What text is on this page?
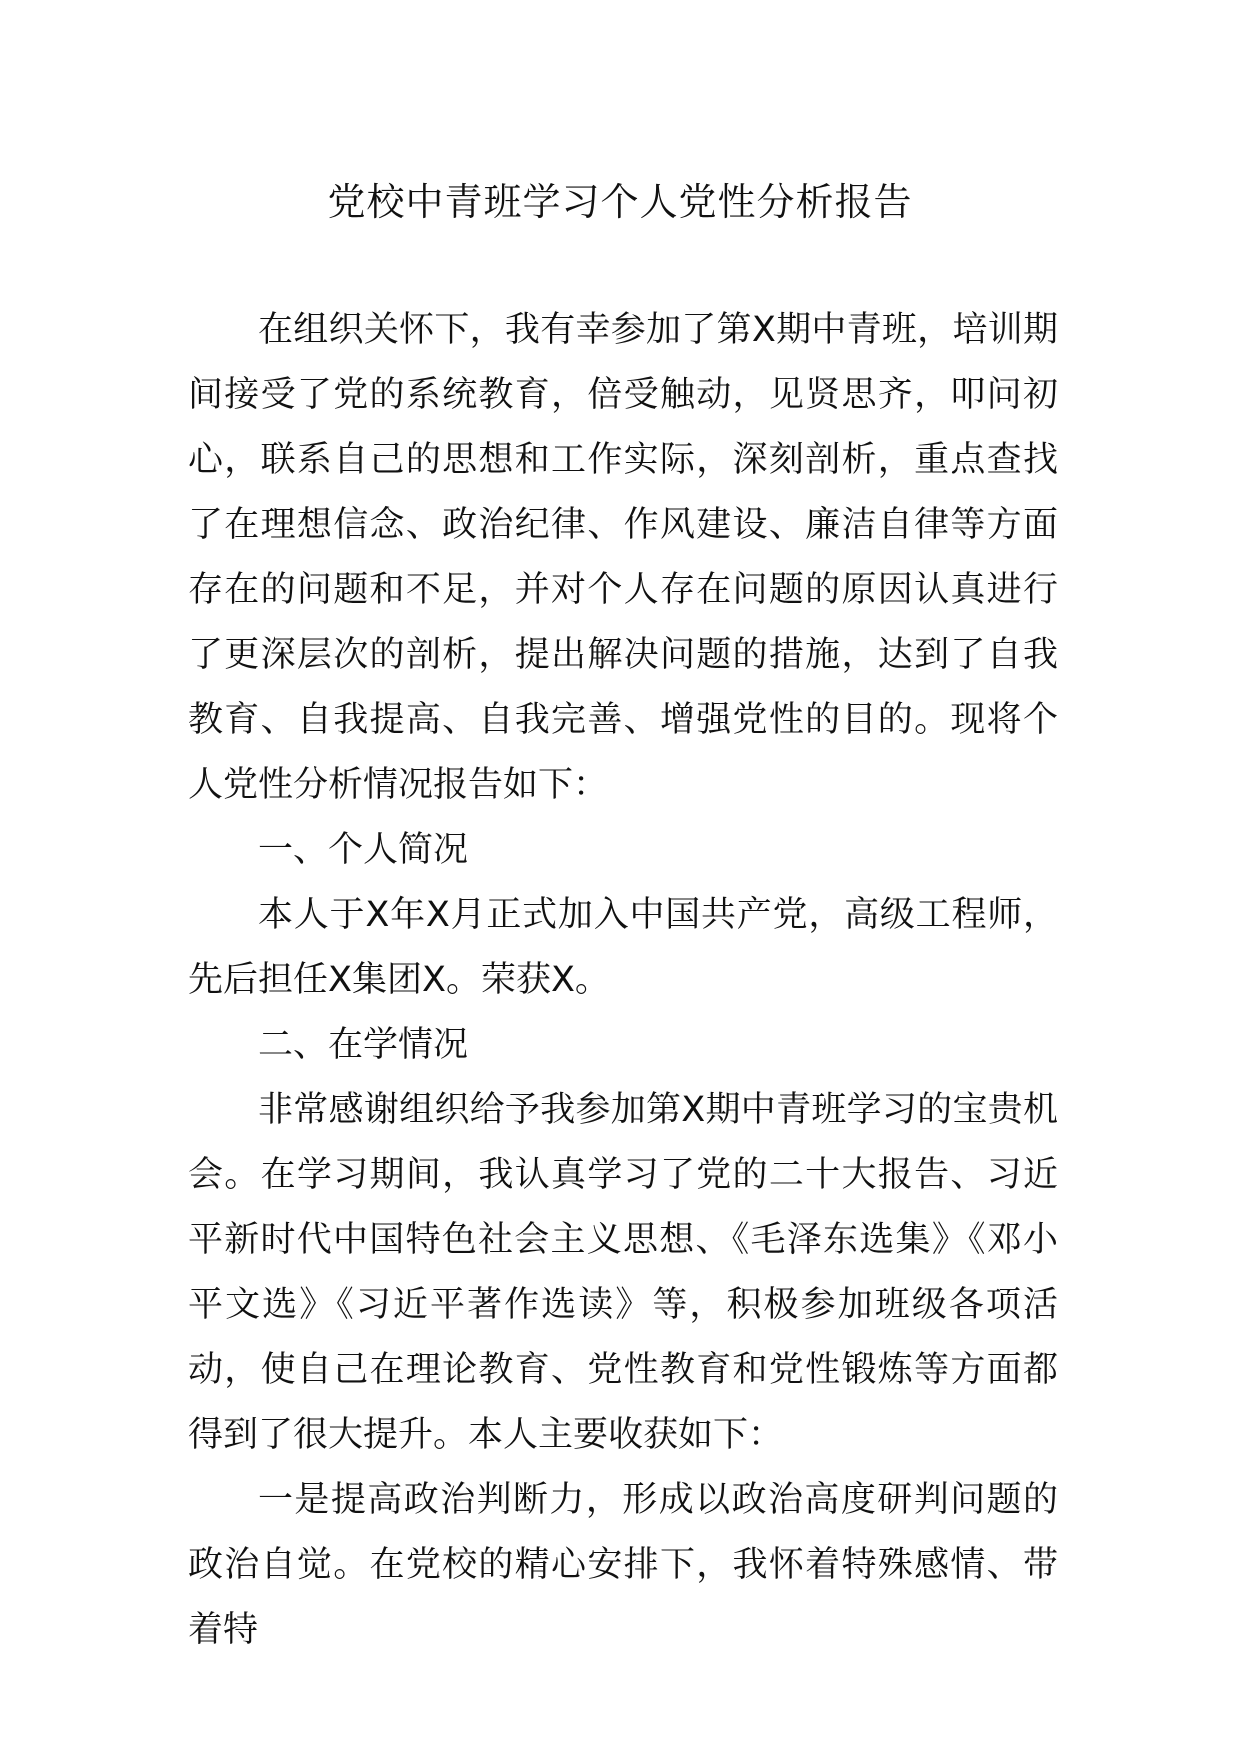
党校中青班学习个人党性分析报告

在组织关怀下，我有幸参加了第X期中青班，培训期间接受了党的系统教育，倍受触动，见贤思齐，叩问初心，联系自己的思想和工作实际，深刻剖析，重点查找了在理想信念、政治纪律、作风建设、廉洁自律等方面存在的问题和不足，并对个人存在问题的原因认真进行了更深层次的剖析，提出解决问题的措施，达到了自我教育、自我提高、自我完善、增强党性的目的。现将个人党性分析情况报告如下：

一、个人简况

本人于X年X月正式加入中国共产党，高级工程师，先后担任X集团X。荣获X。

二、在学情况

非常感谢组织给予我参加第X期中青班学习的宝贵机会。在学习期间，我认真学习了党的二十大报告、习近平新时代中国特色社会主义思想、《毛泽东选集》《邓小平文选》《习近平著作选读》等，积极参加班级各项活动，使自己在理论教育、党性教育和党性锻炼等方面都得到了很大提升。本人主要收获如下：

一是提高政治判断力，形成以政治高度研判问题的政治自觉。在党校的精心安排下，我怀着特殊感情、带着特
